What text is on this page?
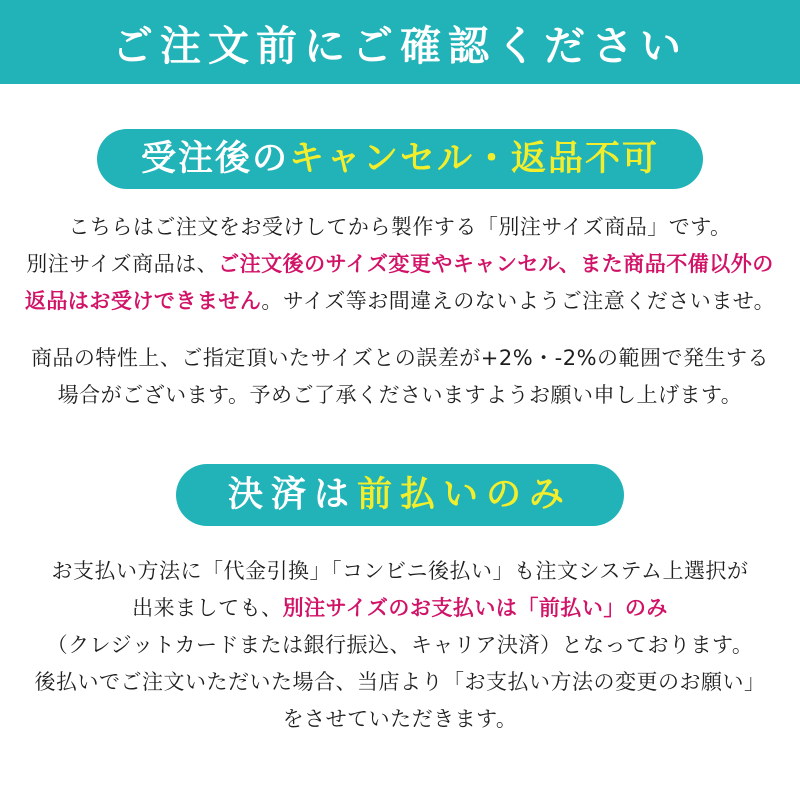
ご注文前にご確認ください
受注後のキャンセル・返品不可

こちらはご注文をお受けしてから製作する「別注サイズ商品」です。
別注サイズ商品は、ご注文後のサイズ変更やキャンセル、また商品不備以外の
返品はお受けできません。サイズ等お間違えのないようご注意くださいませ。

商品の特性上、ご指定頂いたサイズとの誤差が+2%・-2%の範囲で発生する
場合がございます。予めご了承くださいますようお願い申し上げます。

決済は前払いのみ

お支払い方法に「代金引換」「コンビニ後払い」も注文システム上選択が
出来ましても、別注サイズのお支払いは「前払い」のみ
（クレジットカードまたは銀行振込、キャリア決済）となっております。
後払いでご注文いただいた場合、当店より「お支払い方法の変更のお願い」
をさせていただきます。
